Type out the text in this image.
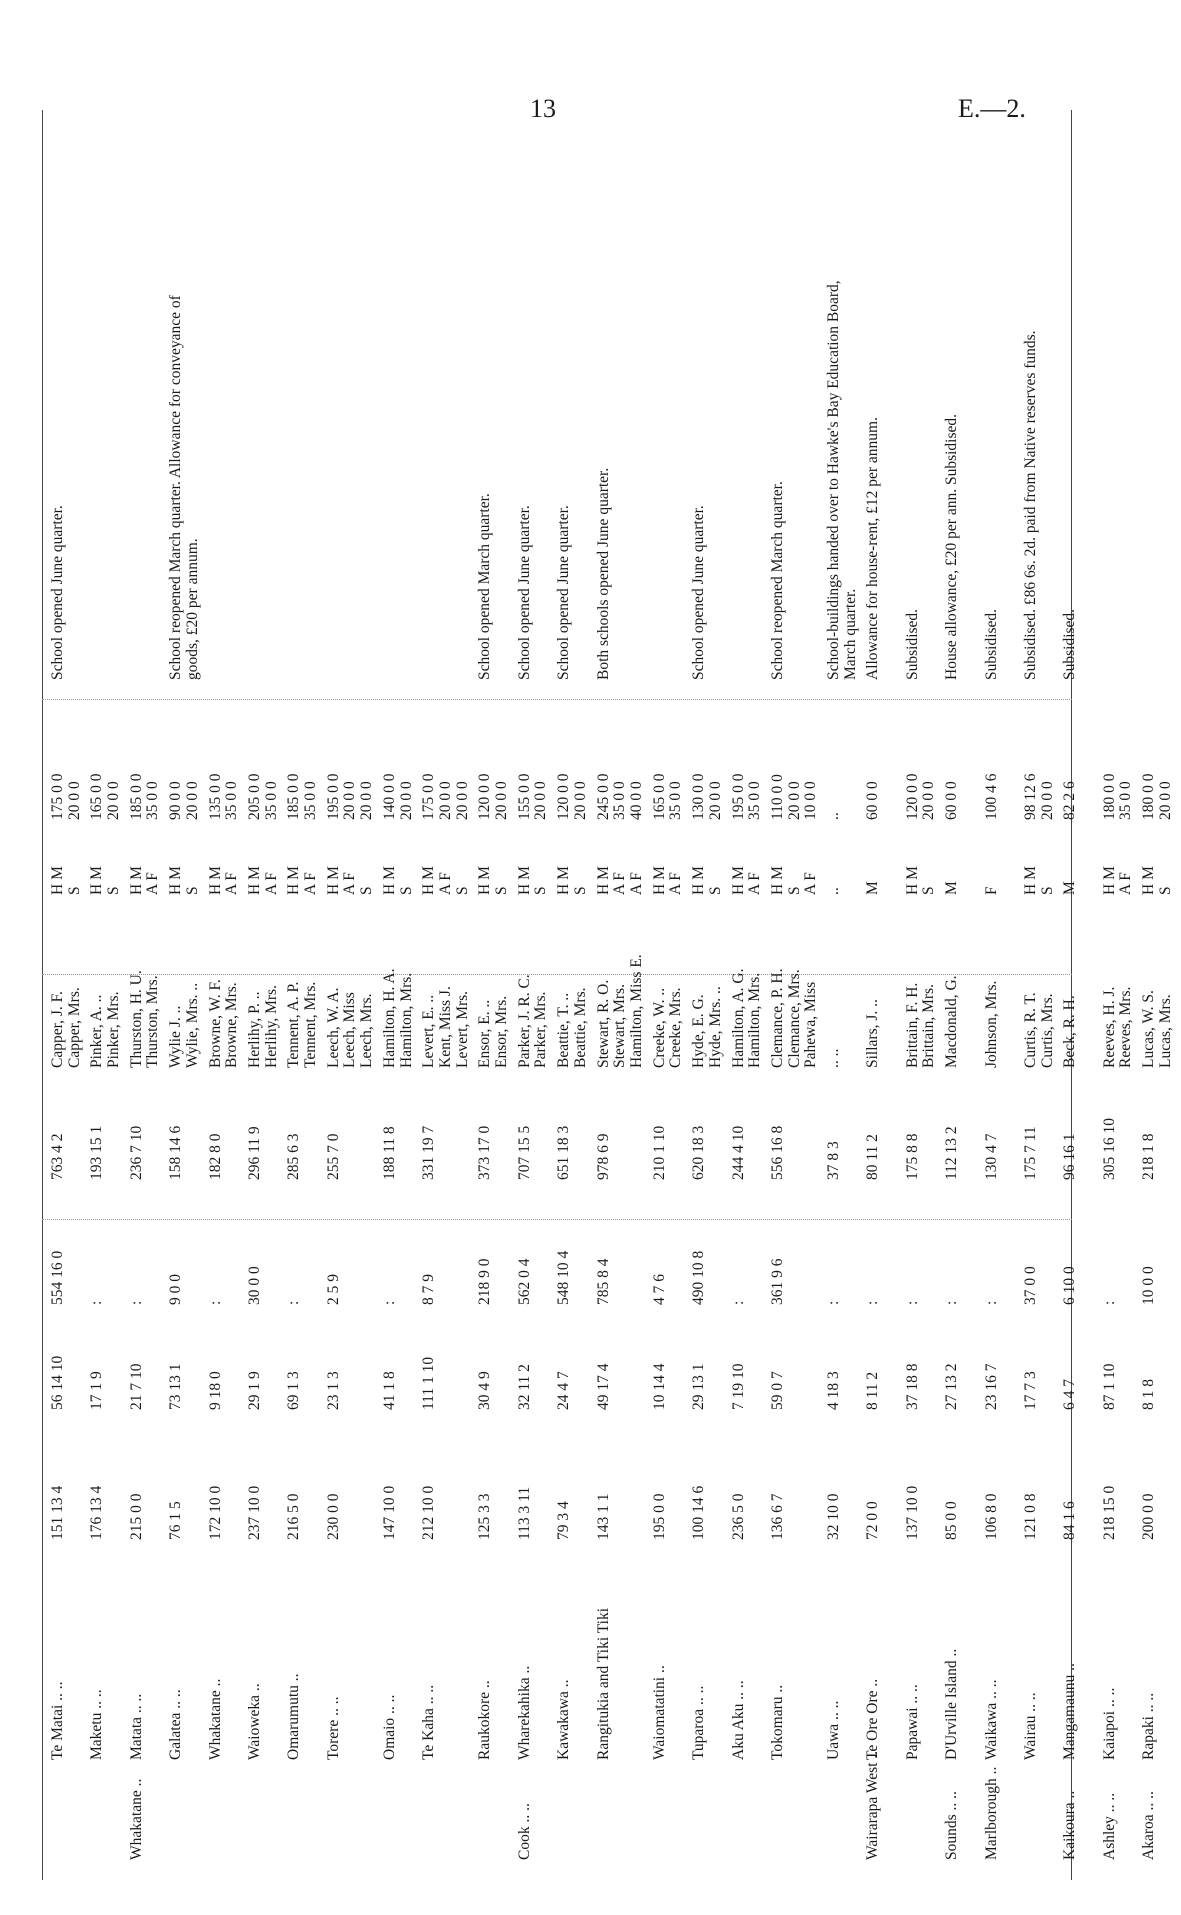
13	E.—2.
Te Matai .. ..
151 13 4
56 14 10
554 16 0
763 4 2
Capper, J. F.
H M
175 0 0
Capper, Mrs.
S
20 0 0
School opened June quarter.
Maketu .. ..
176 13 4
17 1 9
:
193 15 1
Pinker, A. ..
H M
165 0 0
Pinker, Mrs.
S
20 0 0
Whakatane ..
Matata .. ..
215 0 0
21 7 10
:
236 7 10
Thurston, H. U.
H M
185 0 0
Thurston, Mrs.
A F
35 0 0
Galatea .. ..
76 1 5
73 13 1
9 0 0
158 14 6
Wylie J. ..
H M
90 0 0
Wylie, Mrs. ..
S
20 0 0
School reopened March quarter. Allowance for conveyance of goods, £20 per annum.
Whakatane ..
172 10 0
9 18 0
:
182 8 0
Browne, W. F.
H M
135 0 0
Browne, Mrs.
A F
35 0 0
Waioweka ..
237 10 0
29 1 9
30 0 0
296 11 9
Herlihy, P. ..
H M
205 0 0
Herlihy, Mrs.
A F
35 0 0
Omarumutu ..
216 5 0
69 1 3
:
285 6 3
Tennent, A. P.
H M
185 0 0
Tennent, Mrs.
A F
35 0 0
Torere .. ..
230 0 0
23 1 3
2 5 9
255 7 0
Leech, W. A.
H M
195 0 0
Leech, Miss
A F
20 0 0
Leech, Mrs.
S
20 0 0
Omaio .. ..
147 10 0
41 1 8
:
188 11 8
Hamilton, H. A.
H M
140 0 0
Hamilton, Mrs.
S
20 0 0
Te Kaha .. ..
212 10 0
111 1 10
8 7 9
331 19 7
Levert, E. ..
H M
175 0 0
Kent, Miss J.
A F
20 0 0
Levert, Mrs.
S
20 0 0
Raukokore ..
125 3 3
30 4 9
218 9 0
373 17 0
Ensor, E. ..
H M
120 0 0
Ensor, Mrs.
S
20 0 0
School opened March quarter.
Cook .. ..
Wharekahika ..
113 3 11
32 11 2
562 0 4
707 15 5
Parker, J. R. C.
H M
155 0 0
Parker, Mrs.
S
20 0 0
School opened June quarter.
Kawakawa ..
79 3 4
24 4 7
548 10 4
651 18 3
Beattie, T. ..
H M
120 0 0
Beattie, Mrs.
S
20 0 0
School opened June quarter.
Rangitukia and Tiki Tiki
143 1 1
49 17 4
785 8 4
978 6 9
Stewart, R. O.
H M
245 0 0
Stewart, Mrs.
A F
35 0 0
Hamilton, Miss E.
A F
40 0 0
Both schools opened June quarter.
Waiomatatini ..
195 0 0
10 14 4
4 7 6
210 1 10
Creeke, W. ..
H M
165 0 0
Creeke, Mrs.
A F
35 0 0
Tuparoa .. ..
100 14 6
29 13 1
490 10 8
620 18 3
Hyde, E. G.
H M
130 0 0
Hyde, Mrs. ..
S
20 0 0
School opened June quarter.
Aku Aku .. ..
236 5 0
7 19 10
:
244 4 10
Hamilton, A. G.
H M
195 0 0
Hamilton, Mrs.
A F
35 0 0
Tokomaru ..
136 6 7
59 0 7
361 9 6
556 16 8
Clemance, P. H.
H M
110 0 0
Clemance, Mrs.
S
20 0 0
Pahewa, Miss
A F
10 0 0
School reopened March quarter.
Uawa .. ..
32 10 0
4 18 3
:
37 8 3
.. ..
..
..
School-buildings handed over to Hawke's Bay Education Board, March quarter.
Wairarapa West ..
Te Ore Ore ..
72 0 0
8 11 2
:
80 11 2
Sillars, J. ..
M
60 0 0
Allowance for house-rent, £12 per annum.
Papawai .. ..
137 10 0
37 18 8
:
175 8 8
Brittain, F. H.
H M
120 0 0
Brittain, Mrs.
S
20 0 0
Subsidised.
Sounds .. ..
D'Urville Island ..
85 0 0
27 13 2
:
112 13 2
Macdonald, G.
M
60 0 0
House allowance, £20 per ann. Subsidised.
Marlborough ..
Waikawa .. ..
106 8 0
23 16 7
:
130 4 7
Johnson, Mrs.
F
100 4 6
Subsidised.
Wairau .. ..
121 0 8
17 7 3
37 0 0
175 7 11
Curtis, R. T.
H M
98 12 6
Curtis, Mrs.
S
20 0 0
Subsidised. £86 6s. 2d. paid from Native reserves funds.
Kaikoura ..
Mangamaunu ..
84 1 6
6 4 7
6 10 0
96 16 1
Beck, R. H.
M
82 2 6
Subsidised.
Ashley .. ..
Kaiapoi .. ..
218 15 0
87 1 10
:
305 16 10
Reeves, H. J.
H M
180 0 0
Reeves, Mrs.
A F
35 0 0
Akaroa .. ..
Rapaki .. ..
200 0 0
8 1 8
10 0 0
218 1 8
Lucas, W. S.
H M
180 0 0
Lucas, Mrs.
S
20 0 0
